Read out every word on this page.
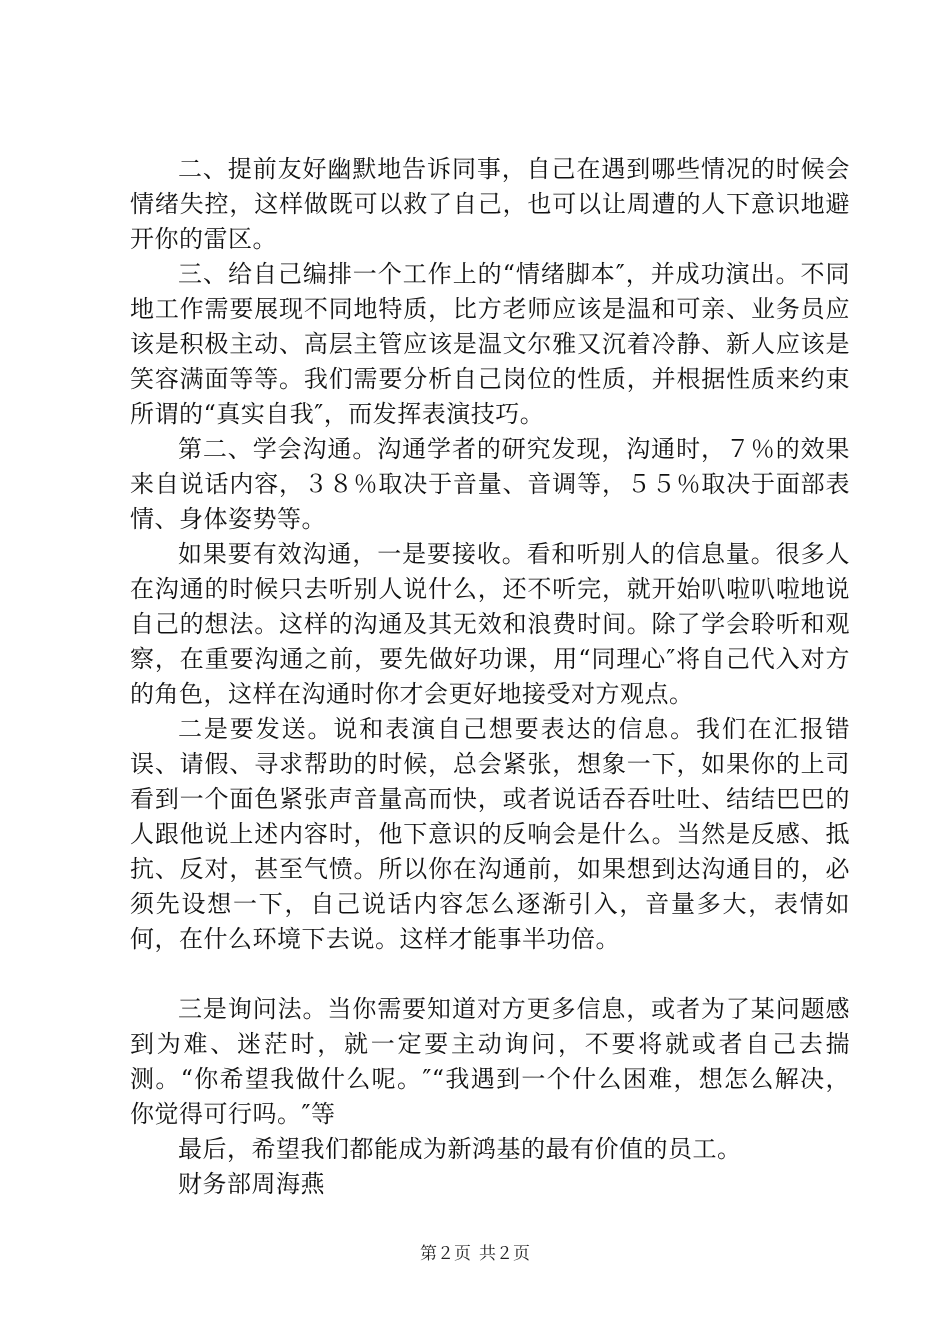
二、提前友好幽默地告诉同事，自己在遇到哪些情况的时候会情绪失控，这样做既可以救了自己，也可以让周遭的人下意识地避开你的雷区。

三、给自己编排一个工作上的“情绪脚本″，并成功演出。不同地工作需要展现不同地特质，比方老师应该是温和可亲、业务员应该是积极主动、高层主管应该是温文尔雅又沉着冷静、新人应该是笑容满面等等。我们需要分析自己岗位的性质，并根据性质来约束所谓的“真实自我″，而发挥表演技巧。

第二、学会沟通。沟通学者的研究发现，沟通时，７％的效果来自说话内容，３８％取决于音量、音调等，５５％取决于面部表情、身体姿势等。

如果要有效沟通，一是要接收。看和听别人的信息量。很多人在沟通的时候只去听别人说什么，还不听完，就开始叭啦叭啦地说自己的想法。这样的沟通及其无效和浪费时间。除了学会聆听和观察，在重要沟通之前，要先做好功课，用“同理心″将自己代入对方的角色，这样在沟通时你才会更好地接受对方观点。

二是要发送。说和表演自己想要表达的信息。我们在汇报错误、请假、寻求帮助的时候，总会紧张，想象一下，如果你的上司看到一个面色紧张声音量高而快，或者说话吞吞吐吐、结结巴巴的人跟他说上述内容时，他下意识的反响会是什么。当然是反感、抵抗、反对，甚至气愤。所以你在沟通前，如果想到达沟通目的，必须先设想一下，自己说话内容怎么逐渐引入，音量多大，表情如何，在什么环境下去说。这样才能事半功倍。

三是询问法。当你需要知道对方更多信息，或者为了某问题感到为难、迷茫时，就一定要主动询问，不要将就或者自己去揣测。“你希望我做什么呢。″“我遇到一个什么困难，想怎么解决，你觉得可行吗。″等

最后，希望我们都能成为新鸿基的最有价值的员工。

财务部周海燕

第２页 共２页
